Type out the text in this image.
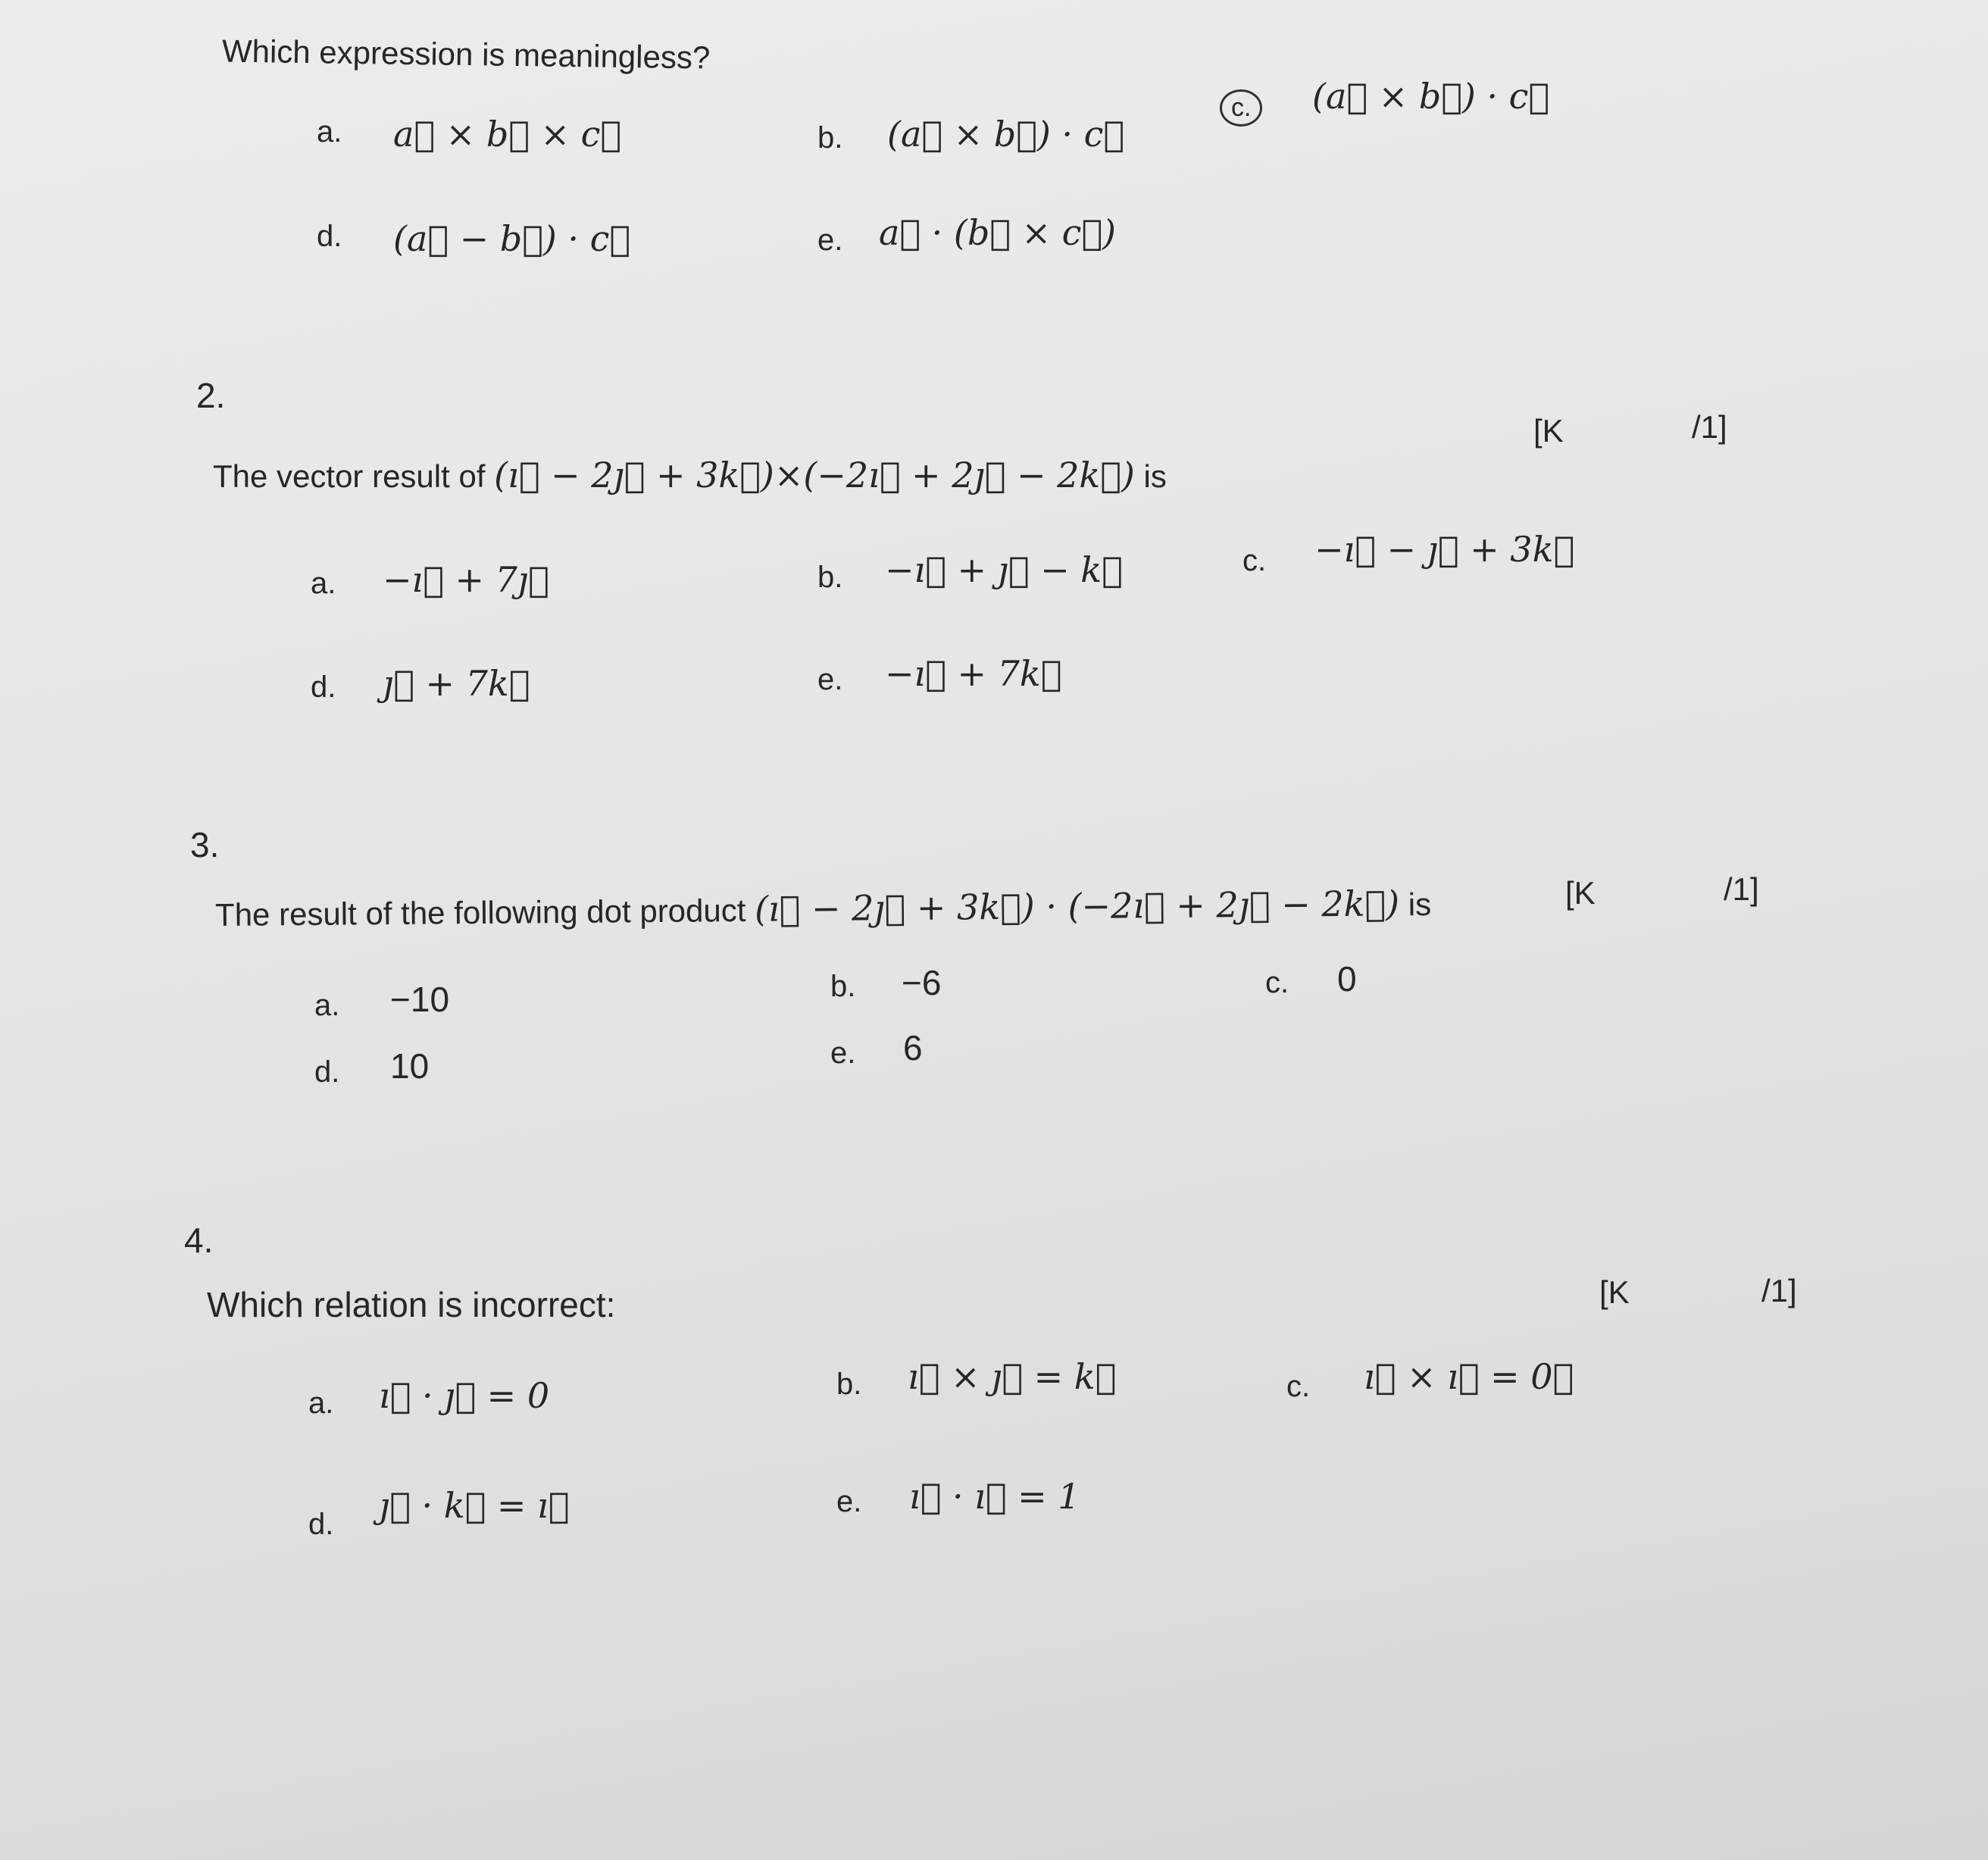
Which expression is meaningless?
a. a⃗ × b⃗ × c⃗	b. (a⃗ × b⃗) · c⃗
c.	(a⃗ × b⃗) · c⃗
d. (a⃗ − b⃗) · c⃗	e. a⃗ · (b⃗ × c⃗)
2.
[K	/1]
The vector result of (ı⃗ − 2ȷ⃗ + 3k⃗)×(−2ı⃗ + 2ȷ⃗ − 2k⃗) is
a. −ı⃗ + 7ȷ⃗	b. −ı⃗ + ȷ⃗ − k⃗	c. −ı⃗ − ȷ⃗ + 3k⃗
d. ȷ⃗ + 7k⃗	e. −ı⃗ + 7k⃗
3.
The result of the following dot product (ı⃗ − 2ȷ⃗ + 3k⃗) · (−2ı⃗ + 2ȷ⃗ − 2k⃗) is	[K	/1]
a. −10	b. −6	c. 0
d. 10	e. 6
4.
Which relation is incorrect:	[K	/1]
a. ı⃗ · ȷ⃗ = 0	b. ı⃗ × ȷ⃗ = k⃗	c. ı⃗ × ı⃗ = 0⃗
d. ȷ⃗ · k⃗ = ı⃗	e. ı⃗ · ı⃗ = 1
